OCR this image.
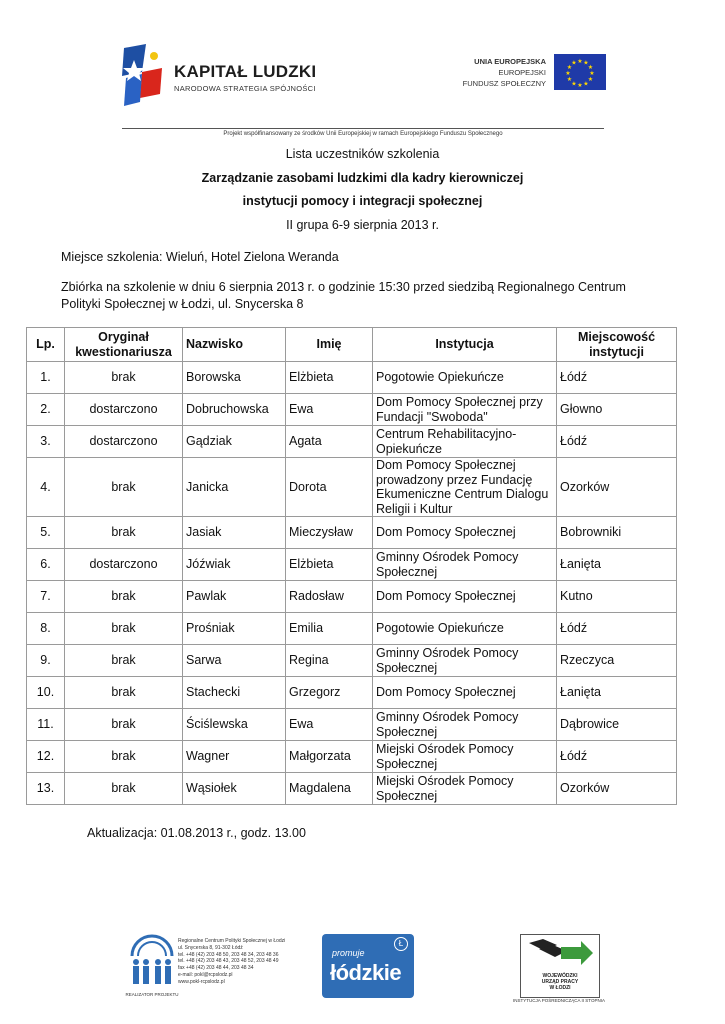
KAPITAŁ LUDZKI
NARODOWA STRATEGIA SPÓJNOŚCI
UNIA EUROPEJSKA
EUROPEJSKI
FUNDUSZ SPOŁECZNY
★ ★
★
★
★
★
★
★
★
★
★
★
Projekt współfinansowany ze środków Unii Europejskiej w ramach Europejskiego Funduszu Społecznego
Lista uczestników szkolenia
Zarządzanie zasobami ludzkimi dla kadry kierowniczej
instytucji pomocy i integracji społecznej
II grupa 6-9 sierpnia 2013 r.
Miejsce szkolenia: Wieluń, Hotel Zielona Weranda
Zbiórka na szkolenie w dniu 6 sierpnia 2013 r. o godzinie 15:30 przed siedzibą Regionalnego Centrum Polityki Społecznej w Łodzi, ul. Snycerska 8
Lp.	Oryginał kwestionariusza	Nazwisko	Imię	Instytucja	Miejscowość instytucji
1.	brak	Borowska	Elżbieta	Pogotowie Opiekuńcze	Łódź
2.	dostarczono	Dobruchowska	Ewa	Dom Pomocy Społecznej przy Fundacji "Swoboda"	Głowno
3.	dostarczono	Gądziak	Agata	Centrum Rehabilitacyjno-Opiekuńcze	Łódź
4.	brak	Janicka	Dorota	Dom Pomocy Społecznej prowadzony przez Fundację Ekumeniczne Centrum Dialogu Religii i Kultur	Ozorków
5.	brak	Jasiak	Mieczysław	Dom Pomocy Społecznej	Bobrowniki
6.	dostarczono	Jóźwiak	Elżbieta	Gminny Ośrodek Pomocy Społecznej	Łanięta
7.	brak	Pawlak	Radosław	Dom Pomocy Społecznej	Kutno
8.	brak	Prośniak	Emilia	Pogotowie Opiekuńcze	Łódź
9.	brak	Sarwa	Regina	Gminny Ośrodek Pomocy Społecznej	Rzeczyca
10.	brak	Stachecki	Grzegorz	Dom Pomocy Społecznej	Łanięta
11.	brak	Ściślewska	Ewa	Gminny Ośrodek Pomocy Społecznej	Dąbrowice
12.	brak	Wagner	Małgorzata	Miejski Ośrodek Pomocy Społecznej	Łódź
13.	brak	Wąsiołek	Magdalena	Miejski Ośrodek Pomocy Społecznej	Ozorków
Aktualizacja: 01.08.2013 r., godz. 13.00
REALIZATOR PROJEKTU
Regionalne Centrum Polityki Społecznej w Łodzi
ul. Snycerska 8, 91-302 Łódź
tel. +48 (42) 203 48 50, 203 48 34, 203 48 36
tel. +48 (42) 203 48 43, 203 48 52, 203 48 49
fax +48 (42) 203 48 44, 203 48 34
e-mail: pokl@rcpslodz.pl
www.pokl-rcpslodz.pl
Ł
promuje
łódzkie	WOJEWÓDZKI
URZĄD PRACY
W ŁODZI
INSTYTUCJA POŚREDNICZĄCA II STOPNIA
